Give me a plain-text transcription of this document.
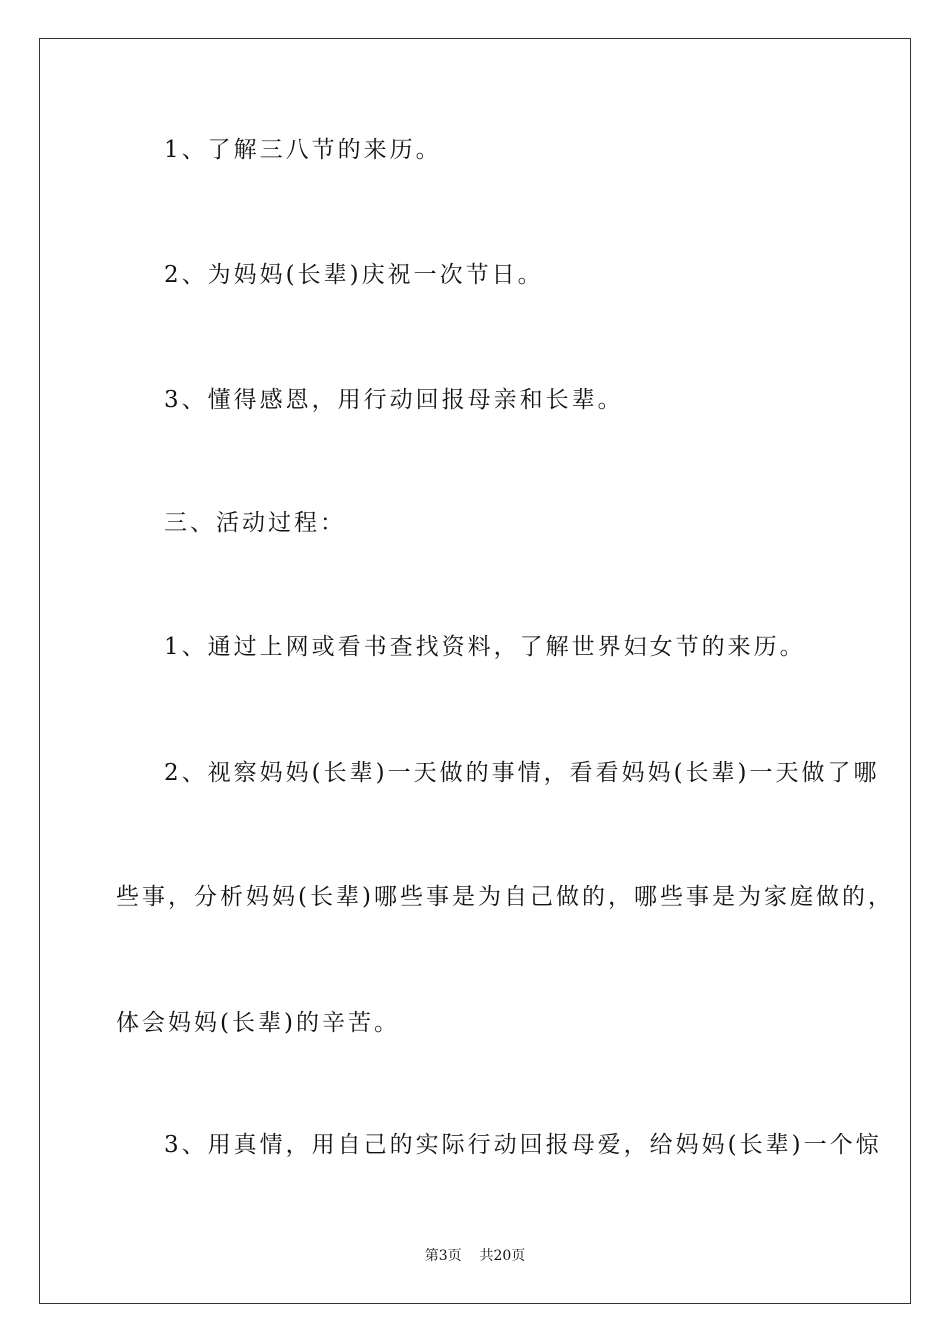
1、了解三八节的来历。
2、为妈妈(长辈)庆祝一次节日。
3、懂得感恩，用行动回报母亲和长辈。
三、活动过程：
1、通过上网或看书查找资料，了解世界妇女节的来历。
2、视察妈妈(长辈)一天做的事情，看看妈妈(长辈)一天做了哪
些事，分析妈妈(长辈)哪些事是为自己做的，哪些事是为家庭做的，
体会妈妈(长辈)的辛苦。
3、用真情，用自己的实际行动回报母爱，给妈妈(长辈)一个惊
第3页    共20页
